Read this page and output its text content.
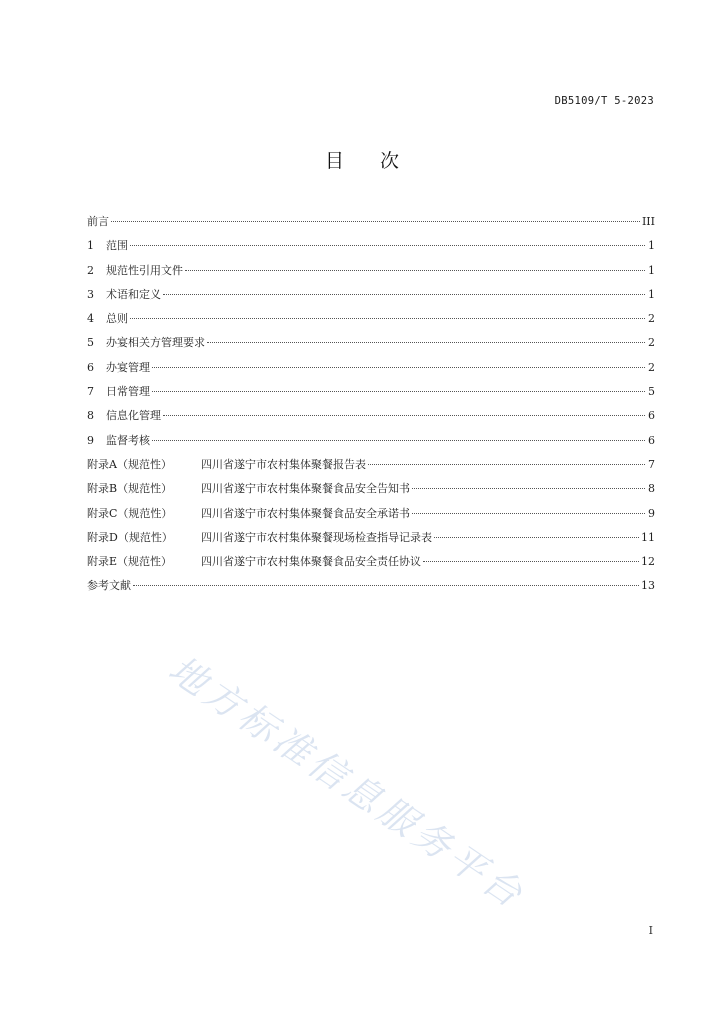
DB5109/T 5-2023
目 次
前言	III
1	范围	1
2	规范性引用文件	1
3	术语和定义	1
4	总则	2
5	办宴相关方管理要求	2
6	办宴管理	2
7	日常管理	5
8	信息化管理	6
9	监督考核	6
附录A（规范性）	四川省遂宁市农村集体聚餐报告表	7
附录B（规范性）	四川省遂宁市农村集体聚餐食品安全告知书	8
附录C（规范性）	四川省遂宁市农村集体聚餐食品安全承诺书	9
附录D（规范性）	四川省遂宁市农村集体聚餐现场检查指导记录表	11
附录E（规范性）	四川省遂宁市农村集体聚餐食品安全责任协议	12
参考文献	13
地方标准信息服务平台
I
